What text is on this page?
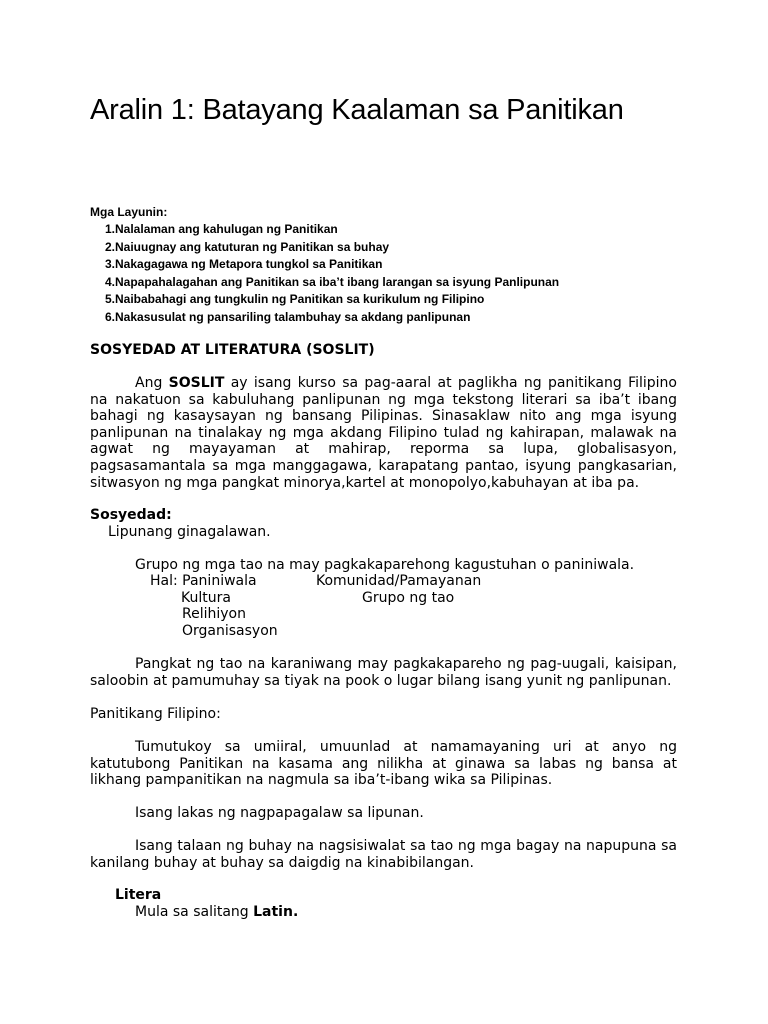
Aralin 1: Batayang Kaalaman sa Panitikan
Mga Layunin:
1.Nalalaman ang kahulugan ng Panitikan
2.Naiuugnay ang katuturan ng Panitikan sa buhay
3.Nakagagawa ng Metapora tungkol sa Panitikan
4.Napapahalagahan ang Panitikan sa iba’t ibang larangan sa isyung Panlipunan
5.Naibabahagi ang tungkulin ng Panitikan sa kurikulum ng Filipino
6.Nakasusulat ng pansariling talambuhay sa akdang panlipunan
SOSYEDAD AT LITERATURA (SOSLIT)
Ang SOSLIT ay isang kurso sa pag-aaral at paglikha ng panitikang Filipino na nakatuon sa kabuluhang panlipunan ng mga tekstong literari sa iba’t ibang bahagi ng kasaysayan ng bansang Pilipinas. Sinasaklaw nito ang mga isyung panlipunan na tinalakay ng mga akdang Filipino tulad ng kahirapan, malawak na agwat ng mayayaman at mahirap, reporma sa lupa, globalisasyon, pagsasamantala sa mga manggagawa, karapatang pantao, isyung pangkasarian, sitwasyon ng mga pangkat minorya,kartel at monopolyo,kabuhayan at iba pa.
Sosyedad:
Lipunang ginagalawan.
Grupo ng mga tao na may pagkakaparehong kagustuhan o paniniwala.
Hal: Paniniwala	Komunidad/Pamayanan
Kultura	Grupo ng tao
Relihiyon
Organisasyon
Pangkat ng tao na karaniwang may pagkakapareho ng pag-uugali, kaisipan, saloobin at pamumuhay sa tiyak na pook o lugar bilang isang yunit ng panlipunan.
Panitikang Filipino:
Tumutukoy sa umiiral, umuunlad at namamayaning uri at anyo ng katutubong Panitikan na kasama ang nilikha at ginawa sa labas ng bansa at likhang pampanitikan na nagmula sa iba’t-ibang wika sa Pilipinas.
Isang lakas ng nagpapagalaw sa lipunan.
Isang talaan ng buhay na nagsisiwalat sa tao ng mga bagay na napupuna sa kanilang buhay at buhay sa daigdig na kinabibilangan.
Litera
Mula sa salitang Latin.
